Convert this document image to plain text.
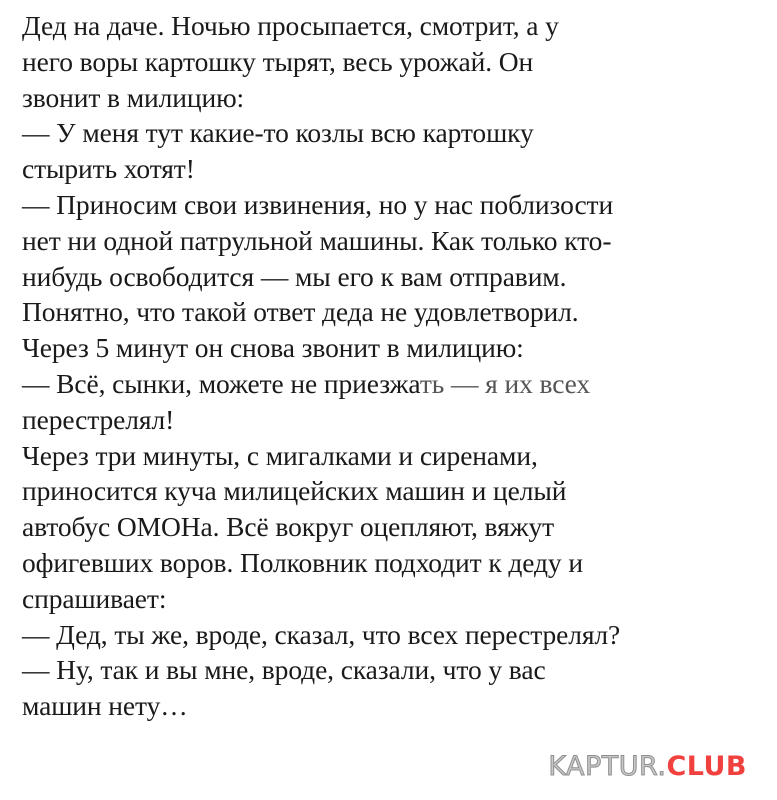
Дед на даче. Ночью просыпается, смотрит, а у
него воры картошку тырят, весь урожай. Он
звонит в милицию:
— У меня тут какие-то козлы всю картошку
стырить хотят!
— Приносим свои извинения, но у нас поблизости
нет ни одной патрульной машины. Как только кто-
нибудь освободится — мы его к вам отправим.
Понятно, что такой ответ деда не удовлетворил.
Через 5 минут он снова звонит в милицию:
— Всё, сынки, можете не приезжать — я их всех
перестрелял!
Через три минуты, с мигалками и сиренами,
приносится куча милицейских машин и целый
автобус ОМОНа. Всё вокруг оцепляют, вяжут
офигевших воров. Полковник подходит к деду и
спрашивает:
— Дед, ты же, вроде, сказал, что всех перестрелял?
— Ну, так и вы мне, вроде, сказали, что у вас
машин нету…
KAPTUR.CLUB
